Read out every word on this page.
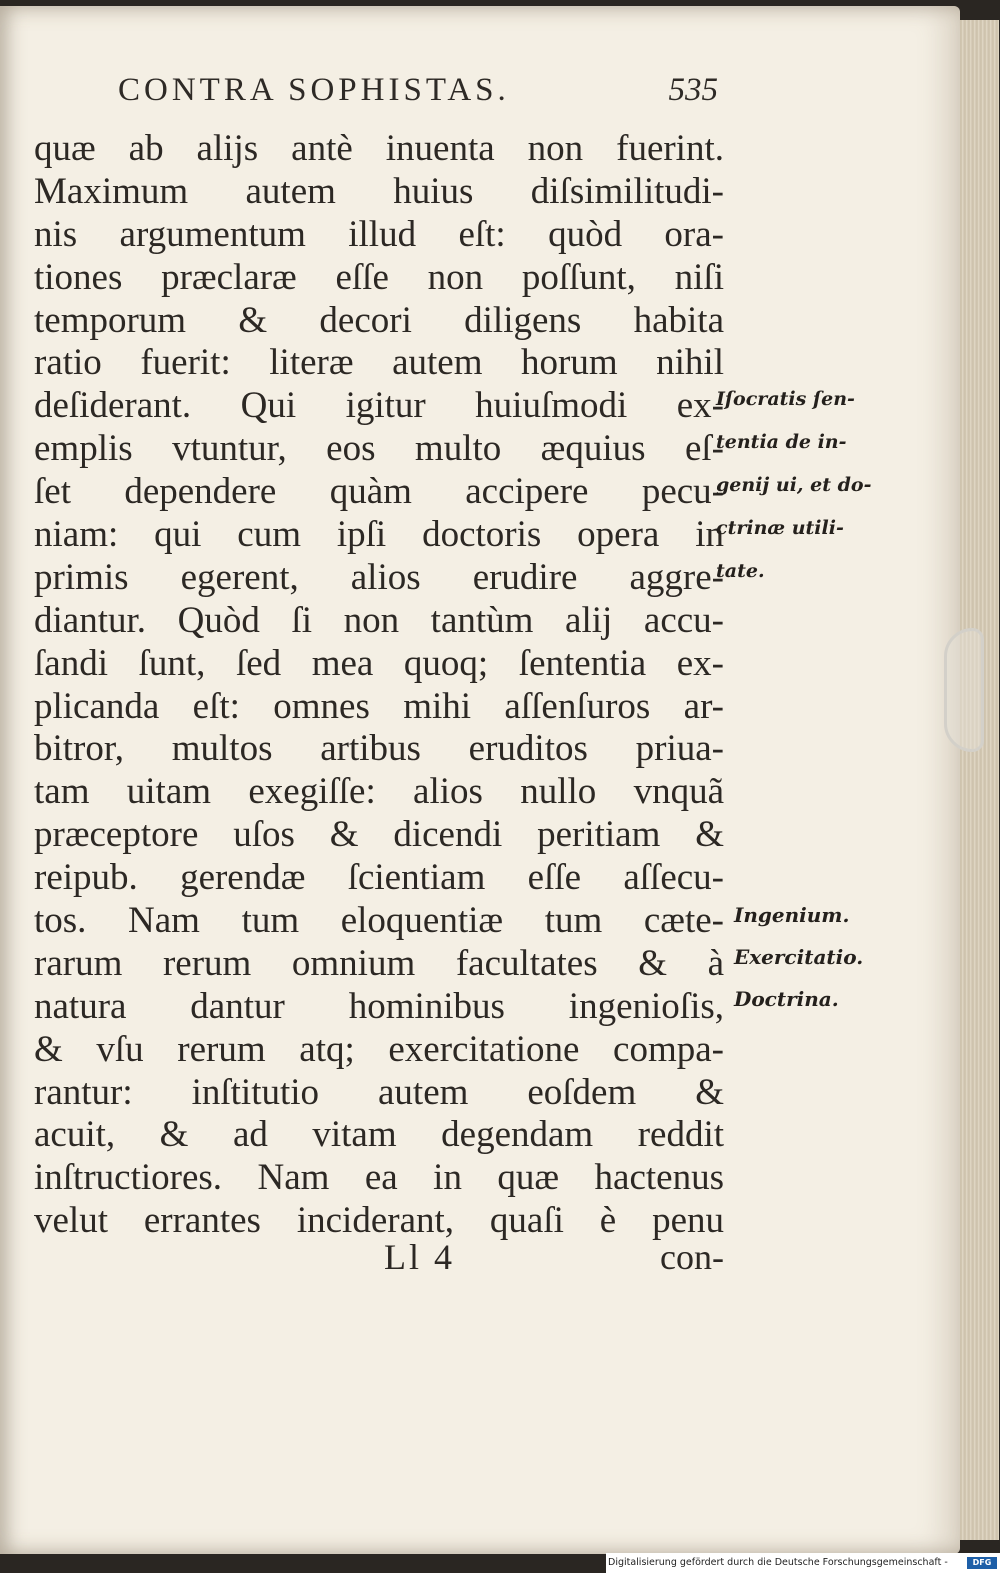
CONTRA SOPHISTAS.	535
quæ ab aliјs antè inuenta non fuerint.
Maximum autem huius diſsimilitudi-
nis argumentum illud eſt: quòd ora-
tiones præclaræ eſſe non poſſunt, niſi
temporum & decori diligens habita
ratio fuerit: literæ autem horum nihil
deſiderant. Qui igitur huiuſmodi ex-
emplis vtuntur, eos multo æquius eſ-
ſet dependere quàm accipere pecu-
niam: qui cum ipſi doctoris opera in
primis egerent, alios erudire aggre-
diantur. Quòd ſi non tantùm aliј accu-
ſandi ſunt, ſed mea quoq; ſententia ex-
plicanda eſt: omnes mihi aſſenſuros ar-
bitror, multos artibus eruditos priua-
tam uitam exegiſſe: alios nullo vnquã
præceptore uſos & dicendi peritiam &
reipub. gerendæ ſcientiam eſſe aſſecu-
tos. Nam tum eloquentiæ tum cæte-
rarum rerum omnium facultates & à
natura dantur hominibus ingenioſis,
& vſu rerum atq; exercitatione compa-
rantur: inſtitutio autem eoſdem &
acuit, & ad vitam degendam reddit
inſtructiores. Nam ea in quæ hactenus
velut errantes inciderant, quaſi è penu
Ll 4	con-
Iſocratis ſen-
tentia de in-
genij ui, et do-
ctrinæ utili-
tate.
Ingenium.
Exercitatio.
Doctrina.
Digitalisierung gefördert durch die Deutsche Forschungsgemeinschaft -	DFG
